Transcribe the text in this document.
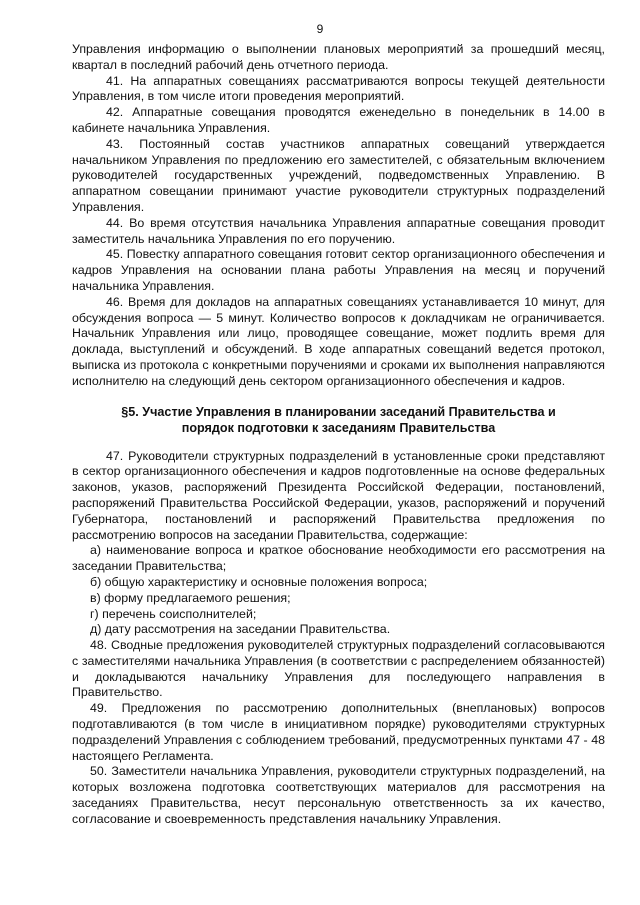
9

Управления информацию о выполнении плановых мероприятий за прошедший месяц, квартал в последний рабочий день отчетного периода.

41. На аппаратных совещаниях рассматриваются вопросы текущей деятельности Управления, в том числе итоги проведения мероприятий.

42. Аппаратные совещания проводятся еженедельно в понедельник в 14.00 в кабинете начальника Управления.

43. Постоянный состав участников аппаратных совещаний утверждается начальником Управления по предложению его заместителей, с обязательным включением руководителей государственных учреждений, подведомственных Управлению. В аппаратном совещании принимают участие руководители структурных подразделений Управления.

44. Во время отсутствия начальника Управления аппаратные совещания проводит заместитель начальника Управления по его поручению.

45. Повестку аппаратного совещания готовит сектор организационного обеспечения и кадров Управления на основании плана работы Управления на месяц и поручений начальника Управления.

46. Время для докладов на аппаратных совещаниях устанавливается 10 минут, для обсуждения вопроса — 5 минут. Количество вопросов к докладчикам не ограничивается. Начальник Управления или лицо, проводящее совещание, может подлить время для доклада, выступлений и обсуждений. В ходе аппаратных совещаний ведется протокол, выписка из протокола с конкретными поручениями и сроками их выполнения направляются исполнителю на следующий день сектором организационного обеспечения и кадров.

§5. Участие Управления в планировании заседаний Правительства и
порядок подготовки к заседаниям Правительства

47. Руководители структурных подразделений в установленные сроки представляют в сектор организационного обеспечения и кадров подготовленные на основе федеральных законов, указов, распоряжений Президента Российской Федерации, постановлений, распоряжений Правительства Российской Федерации, указов, распоряжений и поручений Губернатора, постановлений и распоряжений Правительства предложения по рассмотрению вопросов на заседании Правительства, содержащие:

а) наименование вопроса и краткое обоснование необходимости его рассмотрения на заседании Правительства;

б) общую характеристику и основные положения вопроса;

в) форму предлагаемого решения;

г) перечень соисполнителей;

д) дату рассмотрения на заседании Правительства.

48. Сводные предложения руководителей структурных подразделений согласовываются с заместителями начальника Управления (в соответствии с распределением обязанностей) и докладываются начальнику Управления для последующего направления в Правительство.

49. Предложения по рассмотрению дополнительных (внеплановых) вопросов подготавливаются (в том числе в инициативном порядке) руководителями структурных подразделений Управления с соблюдением требований, предусмотренных пунктами 47 - 48 настоящего Регламента.

50. Заместители начальника Управления, руководители структурных подразделений, на которых возложена подготовка соответствующих материалов для рассмотрения на заседаниях Правительства, несут персональную ответственность за их качество, согласование и своевременность представления начальнику Управления.
